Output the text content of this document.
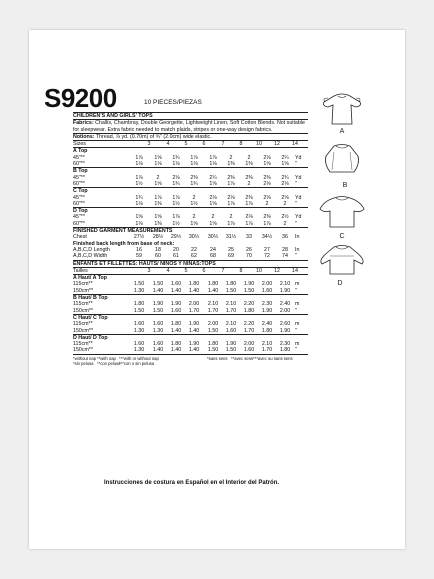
S9200	10 PIECES/PIEZAS
CHILDREN'S AND GIRLS' TOPS

Fabrics: Challis, Chambray, Double Georgette, Lightweight Linen, Soft Cotton Blends. Not suitable for sleepwear. Extra fabric needed to match plaids, stripes or one-way design fabrics.

Notions: Thread, ⅞ yd. (0.70m) of ¾" (2.0cm) wide elastic.

Sizes	3	4	5	6	7	8	10	12	14
A Top
45"**	1⅞	1⅝	1¾	1⅞	1⅞	2	2	2⅛	2¼	Yd
60"**	1⅛	1⅛	1⅛	1⅛	1⅛	1⅜	1⅜	1⅝	1⅝	"
B Top
45"**	1⅞	2	2⅛	2⅜	2¼	2⅜	2⅜	2⅜	2¾	Yd
60"**	1½	1⅝	1¾	1¾	1⅝	1⅞	2	2⅛	2⅛	"
C Top
45"**	1¾	1⅞	1⅞	2	2⅛	2⅛	2⅜	2⅝	2⅝	Yd
60"**	1⅛	1⅜	1½	1½	1⅝	1⅞	1⅞	2	2	"
D Top
45"**	1⅝	1⅝	1⅞	2	2	2	2⅛	2⅜	2½	Yd
60"**	1⅛	1⅜	1½	1⅝	1⅝	1⅞	1⅞	1⅞	2	"
FINISHED GARMENT MEASUREMENTS
Chest	27½ 28½ 29½ 30½ 30½ 31½	33	34½	36	In
Finished back length from base of neck:
A,B,C,D Length	16	18	20	22	24	25	26	27	28	In
A,B,C,D Width	59	60	61	62	68	69	70	72	74	"
ENFANTS ET FILLETTES: HAUTS/ NIÑOS Y NIÑAS:TOPS
Tailles	3	4	5	6	7	8	10	12	14
A Haut/ A Top
115cm**	1.50 1.50 1.60 1.80 1.80 1.80 1.90 2.00 2.10 m
150cm**	1.30 1.40 1.40 1.40 1.40 1.50 1.50 1.60 1.90 "
B Haut/ B Top
115cm**	1.80 1.90 1.90 2.00 2.10 2.10 2.20 2.30 2.40 m
150cm**	1.50 1.50 1.60 1.70 1.70 1.70 1.80 1.90 2.00 "
C Haut/ C Top
115cm**	1.60 1.60 1.80 1.90 2.00 2.10 2.20 2.40 2.60 m
150cm**	1.30 1.30 1.40 1.40 1.50 1.60 1.70 1.80 1.90 "
D Haut/ D Top
115cm**	1.60 1.60 1.80 1.90 1.80 1.90 2.00 2.10 2.30 m
150cm**	1.30 1.40 1.40 1.40 1.50 1.50 1.60 1.70 1.80 "
*without nap **with nap ***with or without nap	*sans sens **avec sens ***avec ou sans sens
*sin pelusa **con pelusa
***con o sin pelusa
Instrucciones de costura en Español en el Interior del Patrón.
A
B
C
D
